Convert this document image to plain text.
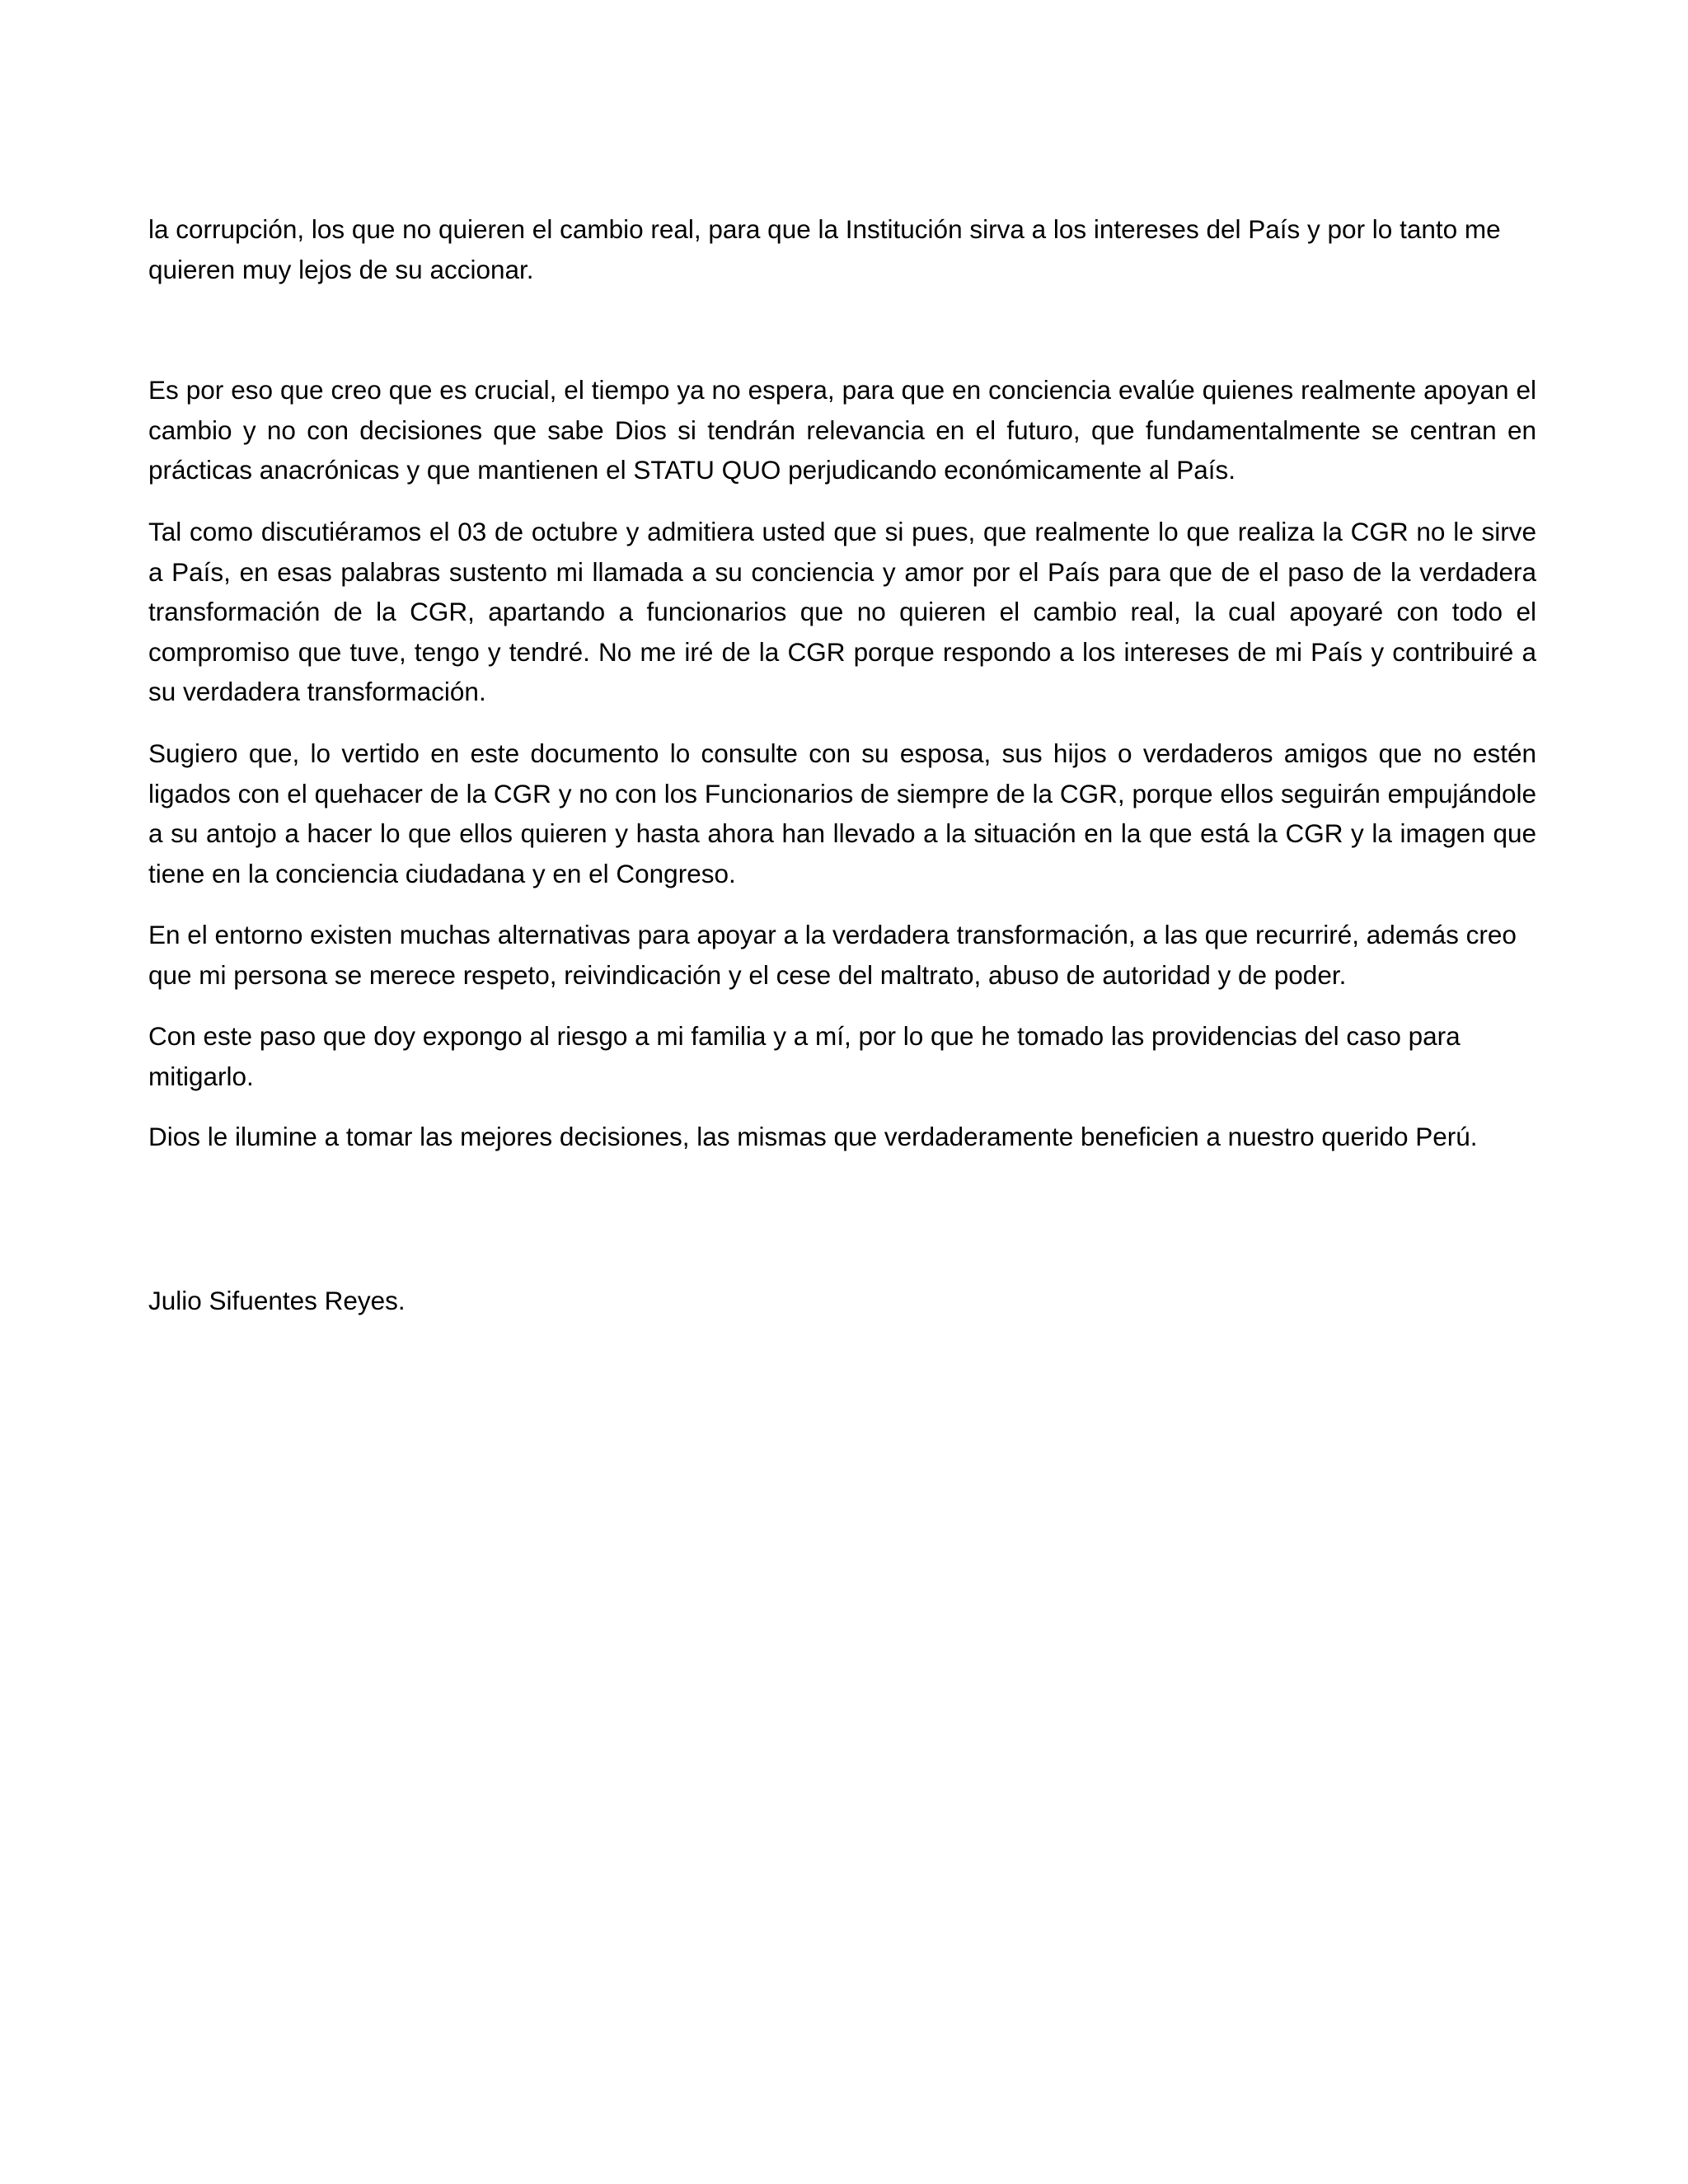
la corrupción, los que no quieren el cambio real, para que la Institución sirva a los intereses del País y por lo tanto me quieren muy lejos de su accionar.

Es por eso que creo que es crucial, el tiempo ya no espera, para que en conciencia evalúe quienes realmente apoyan el cambio y no con decisiones que sabe Dios si tendrán relevancia en el futuro, que fundamentalmente se centran en prácticas anacrónicas y que mantienen el STATU QUO perjudicando económicamente al País.

Tal como discutiéramos el 03 de octubre y admitiera usted que si pues, que realmente lo que realiza la CGR no le sirve a País, en esas palabras sustento mi llamada a su conciencia y amor por el País para que de el paso de la verdadera transformación de la CGR, apartando a funcionarios que no quieren el cambio real, la cual apoyaré con todo el compromiso que tuve, tengo y tendré. No me iré de la CGR porque respondo a los intereses de mi País y contribuiré a su verdadera transformación.

Sugiero que, lo vertido en este documento lo consulte con su esposa, sus hijos o verdaderos amigos que no estén ligados con el quehacer de la CGR y no con los Funcionarios de siempre de la CGR, porque ellos seguirán empujándole a su antojo a hacer lo que ellos quieren y hasta ahora han llevado a la situación en la que está la CGR y la imagen que tiene en la conciencia ciudadana y en el Congreso.

En el entorno existen muchas alternativas para apoyar a la verdadera transformación, a las que recurriré, además creo que mi persona se merece respeto, reivindicación y el cese del maltrato, abuso de autoridad y de poder.

Con este paso que doy expongo al riesgo a mi familia y a mí, por lo que he tomado las providencias del caso para mitigarlo.

Dios le ilumine a tomar las mejores decisiones, las mismas que verdaderamente beneficien a nuestro querido Perú.

Julio Sifuentes Reyes.
